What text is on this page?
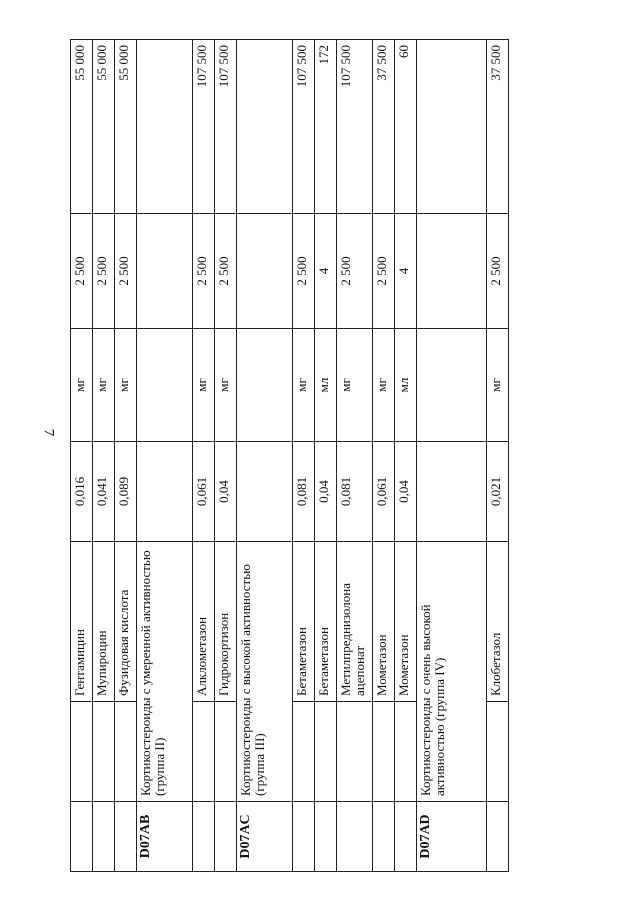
7
		Гентамицин	0,016	мг	2 500	55 000
		Мупироцин	0,041	мг	2 500	55 000
		Фузидовая кислота	0,089	мг	2 500	55 000
D07AB	Кортикостероиды с умеренной активностью (группа II)					
		Алклометазон	0,061	мг	2 500	107 500
		Гидрокортизон	0,04	мг	2 500	107 500
D07AC	Кортикостероиды с высокой активностью (группа III)					
		Бетаметазон	0,081	мг	2 500	107 500
		Бетаметазон	0,04	мл	4	172
		Метилпреднизолона ацепонат	0,081	мг	2 500	107 500
		Мометазон	0,061	мг	2 500	37 500
		Мометазон	0,04	мл	4	60
D07AD	Кортикостероиды с очень высокой активностью (группа IV)					
		Клобетазол	0,021	мг	2 500	37 500
